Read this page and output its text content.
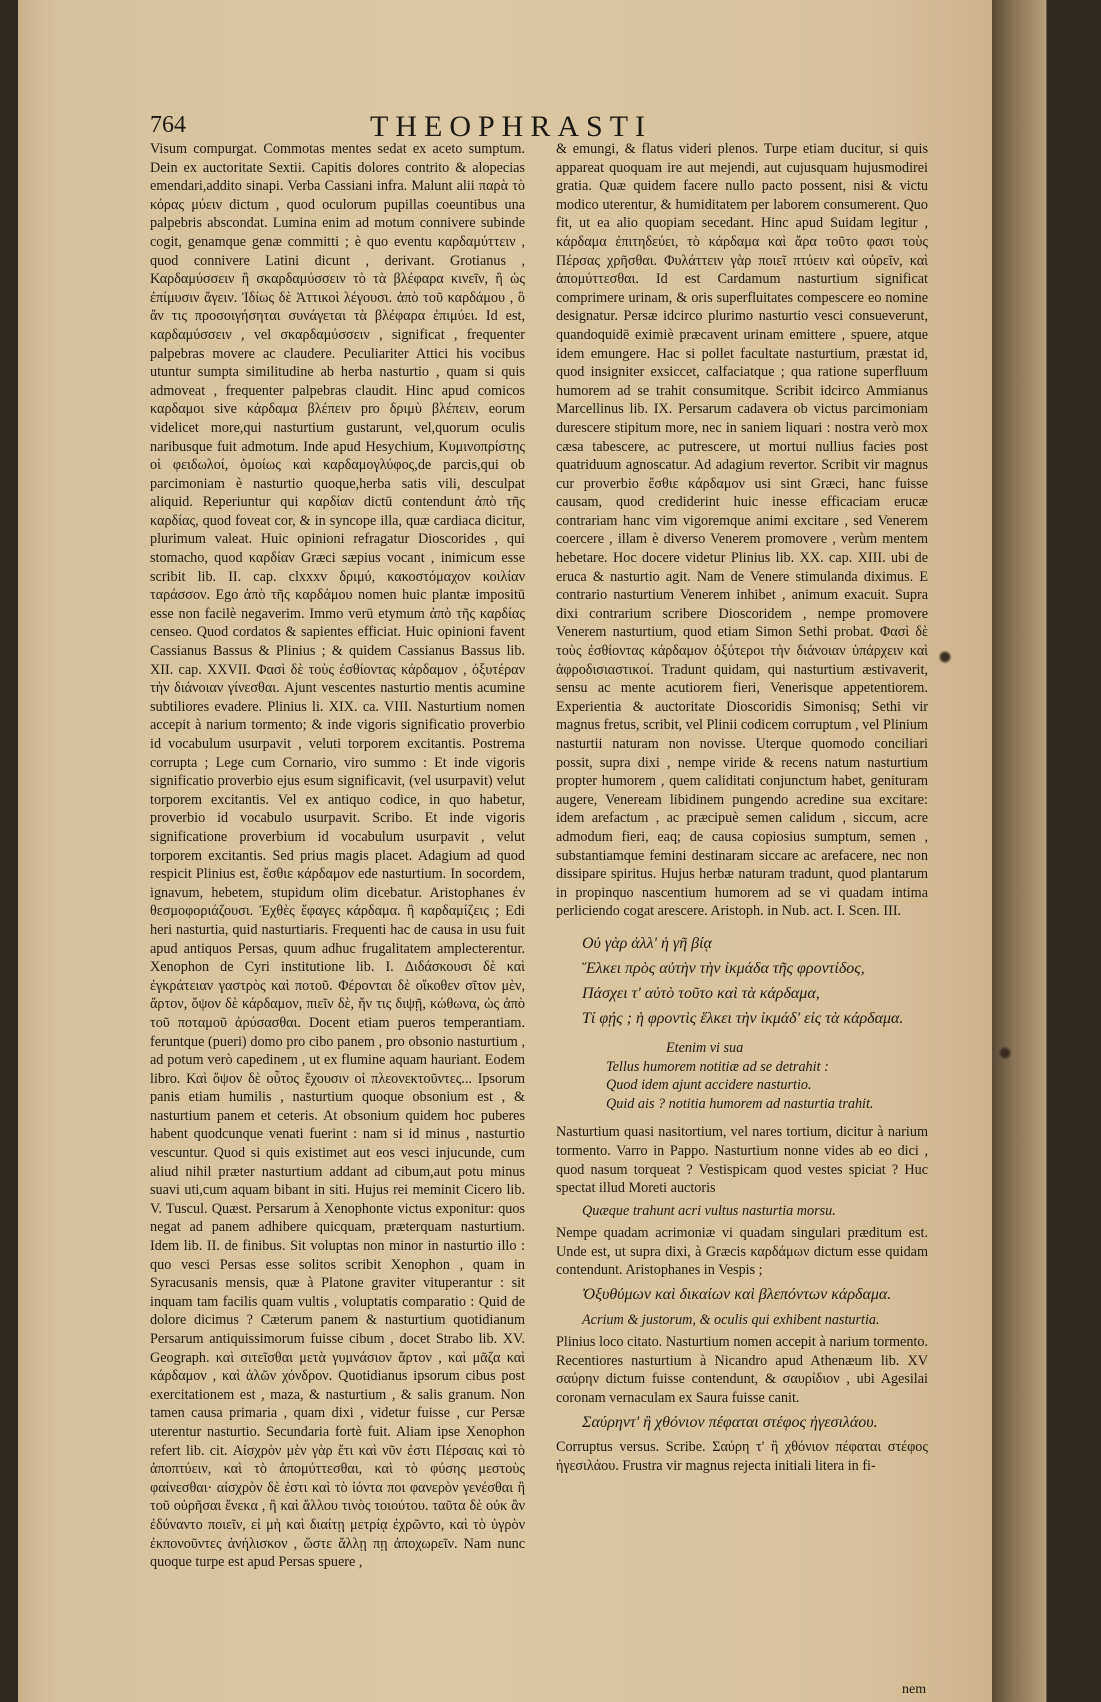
764	THEOPHRASTI

Visum compurgat. Commotas mentes sedat ex aceto sumptum. Dein ex auctoritate Sextii. Capitis dolores contrito & alopecias emendari,addito sinapi. Verba Cassiani infra. Malunt alii παρὰ τὸ κόρας μύειν dictum , quod oculorum pupillas coeuntibus una palpebris abscondat. Lumina enim ad motum connivere subinde cogit, genamque genæ committi ; è quo eventu καρδαμύττειν , quod connivere Latini dicunt , derivant. Grotianus , Καρδαμύσσειν ἢ σκαρδαμύσσειν τὸ τὰ βλέφαρα κινεῖν, ἢ ὡς ἐπίμυσιν ἄγειν. Ἰδίως δὲ Ἀττικοὶ λέγουσι. ἀπὸ τοῦ καρδάμου , ὃ ἄν τις προσοιγήσηται συνάγεται τὰ βλέφαρα ἐπιμύει. Id est, καρδαμύσσειν , vel σκαρδαμύσσειν , significat , frequenter palpebras movere ac claudere. Peculiariter Attici his vocibus utuntur sumpta similitudine ab herba nasturtio , quam si quis admoveat , frequenter palpebras claudit. Hinc apud comicos καρδαμοι sive κάρδαμα βλέπειν pro δριμὺ βλέπειν, eorum videlicet more,qui nasturtium gustarunt, vel,quorum oculis naribusque fuit admotum. Inde apud Hesychium, Κυμινοπρίστης οἱ φειδωλοί, ὁμοίως καὶ καρδαμογλύφος,de parcis,qui ob parcimoniam è nasturtio quoque,herba satis vili, desculpat aliquid. Reperiuntur qui καρδίαν dictū contendunt ἀπὸ τῆς καρδίας, quod foveat cor, & in syncope illa, quæ cardiaca dicitur, plurimum valeat. Huic opinioni refragatur Dioscorides , qui stomacho, quod καρδίαν Græci sæpius vocant , inimicum esse scribit lib. II. cap. clxxxv δριμύ, κακοστόμαχον κοιλίαν ταράσσον. Ego ἀπὸ τῆς καρδάμου nomen huic plantæ impositū esse non facilè negaverim. Immo verū etymum ἀπὸ τῆς καρδίας censeo. Quod cordatos & sapientes efficiat. Huic opinioni favent Cassianus Bassus & Plinius ; & quidem Cassianus Bassus lib. XII. cap. XXVII. Φασὶ δὲ τοὺς ἐσθίοντας κάρδαμον , ὀξυτέραν τὴν διάνοιαν γίνεσθαι. Ajunt vescentes nasturtio mentis acumine subtiliores evadere. Plinius li. XIX. ca. VIII. Nasturtium nomen accepit à narium tormento; & inde vigoris significatio proverbio id vocabulum usurpavit , veluti torporem excitantis. Postrema corrupta ; Lege cum Cornario, viro summo : Et inde vigoris significatio proverbio ejus esum significavit, (vel usurpavit) velut torporem excitantis. Vel ex antiquo codice, in quo habetur, proverbio id vocabulo usurpavit. Scribo. Et inde vigoris significatione proverbium id vocabulum usurpavit , velut torporem excitantis. Sed prius magis placet. Adagium ad quod respicit Plinius est, ἔσθιε κάρδαμον ede nasturtium. In socordem, ignavum, hebetem, stupidum olim dicebatur. Aristophanes ἐν θεσμοφοριάζουσι. Ἐχθὲς ἔφαγες κάρδαμα. ἢ καρδαμίζεις ; Edi heri nasturtia, quid nasturtiaris. Frequenti hac de causa in usu fuit apud antiquos Persas, quum adhuc frugalitatem amplecterentur. Xenophon de Cyri institutione lib. I. Διδάσκουσι δὲ καὶ ἐγκράτειαν γαστρὸς καὶ ποτοῦ. Φέρονται δὲ οἴκοθεν σῖτον μὲν, ἄρτον, ὄψον δὲ κάρδαμον, πιεῖν δὲ, ἤν τις διψῇ, κώθωνα, ὡς ἀπὸ τοῦ ποταμοῦ ἀρύσασθαι. Docent etiam pueros temperantiam. feruntque (pueri) domo pro cibo panem , pro obsonio nasturtium , ad potum verò capedinem , ut ex flumine aquam hauriant. Eodem libro. Καὶ ὄψον δὲ οὗτος ἔχουσιν οἱ πλεονεκτοῦντες... Ipsorum panis etiam humilis , nasturtium quoque obsonium est , & nasturtium panem et ceteris. At obsonium quidem hoc puberes habent quodcunque venati fuerint : nam si id minus , nasturtio vescuntur. Quod si quis existimet aut eos vesci injucunde, cum aliud nihil præter nasturtium addant ad cibum,aut potu minus suavi uti,cum aquam bibant in siti. Hujus rei meminit Cicero lib. V. Tuscul. Quæst. Persarum à Xenophonte victus exponitur: quos negat ad panem adhibere quicquam, præterquam nasturtium. Idem lib. II. de finibus. Sit voluptas non minor in nasturtio illo : quo vesci Persas esse solitos scribit Xenophon , quam in Syracusanis mensis, quæ à Platone graviter vituperantur : sit inquam tam facilis quam vultis , voluptatis comparatio : Quid de dolore dicimus ? Cæterum panem & nasturtium quotidianum Persarum antiquissimorum fuisse cibum , docet Strabo lib. XV. Geograph. καὶ σιτεῖσθαι μετὰ γυμνάσιον ἄρτον , καὶ μᾶζα καὶ κάρδαμον , καὶ ἁλῶν χόνδρον. Quotidianus ipsorum cibus post exercitationem est , maza, & nasturtium , & salis granum. Non tamen causa primaria , quam dixi , videtur fuisse , cur Persæ uterentur nasturtio. Secundaria fortè fuit. Aliam ipse Xenophon refert lib. cit. Αἰσχρὸν μὲν γὰρ ἔτι καὶ νῦν ἐστι Πέρσαις καὶ τὸ ἀποπτύειν, καὶ τὸ ἀπομύττεσθαι, καὶ τὸ φύσης μεστοὺς φαίνεσθαι· αἰσχρὸν δὲ ἐστι καὶ τὸ ἰόντα ποι φανερὸν γενέσθαι ἢ τοῦ οὐρῆσαι ἕνεκα , ἢ καὶ ἄλλου τινὸς τοιούτου. ταῦτα δὲ οὐκ ἂν ἐδύναντο ποιεῖν, εἰ μὴ καὶ διαίτῃ μετρίᾳ ἐχρῶντο, καὶ τὸ ὑγρὸν ἐκπονοῦντες ἀνήλισκον , ὥστε ἄλλῃ πῃ ἀποχωρεῖν. Nam nunc quoque turpe est apud Persas spuere ,

& emungi, & flatus videri plenos. Turpe etiam ducitur, si quis appareat quoquam ire aut mejendi, aut cujusquam hujusmodirei gratia. Quæ quidem facere nullo pacto possent, nisi & victu modico uterentur, & humiditatem per laborem consumerent. Quo fit, ut ea alio quopiam secedant. Hinc apud Suidam legitur , κάρδαμα ἐπιτηδεύει, τὸ κάρδαμα καὶ ἄρα τοῦτο φασι τοὺς Πέρσας χρῆσθαι. Φυλάττειν γὰρ ποιεῖ πτύειν καὶ οὐρεῖν, καὶ ἀπομύττεσθαι. Id est Cardamum nasturtium significat comprimere urinam, & oris superfluitates compescere eo nomine designatur. Persæ idcirco plurimo nasturtio vesci consueverunt, quandoquidē eximiè præcavent urinam emittere , spuere, atque idem emungere. Hac si pollet facultate nasturtium, præstat id, quod insigniter exsiccet, calfaciatque ; qua ratione superfluum humorem ad se trahit consumitque. Scribit idcirco Ammianus Marcellinus lib. IX. Persarum cadavera ob victus parcimoniam durescere stipitum more, nec in saniem liquari : nostra verò mox cæsa tabescere, ac putrescere, ut mortui nullius facies post quatriduum agnoscatur. Ad adagium revertor. Scribit vir magnus cur proverbio ἔσθιε κάρδαμον usi sint Græci, hanc fuisse causam, quod crediderint huic inesse efficaciam erucæ contrariam hanc vim vigoremque animi excitare , sed Venerem coercere , illam è diverso Venerem promovere , verùm mentem hebetare. Hoc docere videtur Plinius lib. XX. cap. XIII. ubi de eruca & nasturtio agit. Nam de Venere stimulanda diximus. E contrario nasturtium Venerem inhibet , animum exacuit. Supra dixi contrarium scribere Dioscoridem , nempe promovere Venerem nasturtium, quod etiam Simon Sethi probat. Φασὶ δὲ τοὺς ἐσθίοντας κάρδαμον ὀξύτεροι τὴν διάνοιαν ὑπάρχειν καὶ ἀφροδισιαστικοί. Tradunt quidam, qui nasturtium æstivaverit, sensu ac mente acutiorem fieri, Venerisque appetentiorem. Experientia & auctoritate Dioscoridis Simonisq; Sethi vir magnus fretus, scribit, vel Plinii codicem corruptum , vel Plinium nasturtii naturam non novisse. Uterque quomodo conciliari possit, supra dixi , nempe viride & recens natum nasturtium propter humorem , quem caliditati conjunctum habet, genituram augere, Veneream libidinem pungendo acredine sua excitare: idem arefactum , ac præcipuè semen calidum , siccum, acre admodum fieri, eaq; de causa copiosius sumptum, semen , substantiamque femini destinaram siccare ac arefacere, nec non dissipare spiritus. Hujus herbæ naturam tradunt, quod plantarum in propinquo nascentium humorem ad se vi quadam intima perliciendo cogat arescere. Aristoph. in Nub. act. I. Scen. III.

Οὐ γὰρ ἀλλ' ἡ γῆ βίᾳ
Ἕλκει πρὸς αὐτὴν τὴν ἰκμάδα τῆς φροντίδος,
Πάσχει τ' αὐτὸ τοῦτο καὶ τὰ κάρδαμα,
Τί φῄς ; ἡ φροντὶς ἕλκει τὴν ἰκμάδ' εἰς τὰ κάρδαμα.
Etenim vi sua
Tellus humorem notitiæ ad se detrahit :
Quod idem ajunt accidere nasturtio.
Quid ais ? notitia humorem ad nasturtia trahit.

Nasturtium quasi nasitortium, vel nares tortium, dicitur à narium tormento. Varro in Pappo. Nasturtium nonne vides ab eo dici , quod nasum torqueat ? Vestispicam quod vestes spiciat ? Huc spectat illud Moreti auctoris

Quæque trahunt acri vultus nasturtia morsu.

Nempe quadam acrimoniæ vi quadam singulari præditum est. Unde est, ut supra dixi, à Græcis καρδάμων dictum esse quidam contendunt. Aristophanes in Vespis ;

Ὀξυθύμων καὶ δικαίων καὶ βλεπόντων κάρδαμα.
Acrium & justorum, & oculis qui exhibent nasturtia.

Plinius loco citato. Nasturtium nomen accepit à narium tormento. Recentiores nasturtium à Nicandro apud Athenæum lib. XV σαύρην dictum fuisse contendunt, & σαυρίδιον , ubi Agesilai coronam vernaculam ex Saura fuisse canit.

Σαύρηντ' ἢ χθόνιον πέφαται στέφος ἠγεσιλάου.

Corruptus versus. Scribe. Σαύρη τ' ἢ χθόνιον πέφαται στέφος ἠγεσιλάου. Frustra vir magnus rejecta initiali litera in fi-

nem
